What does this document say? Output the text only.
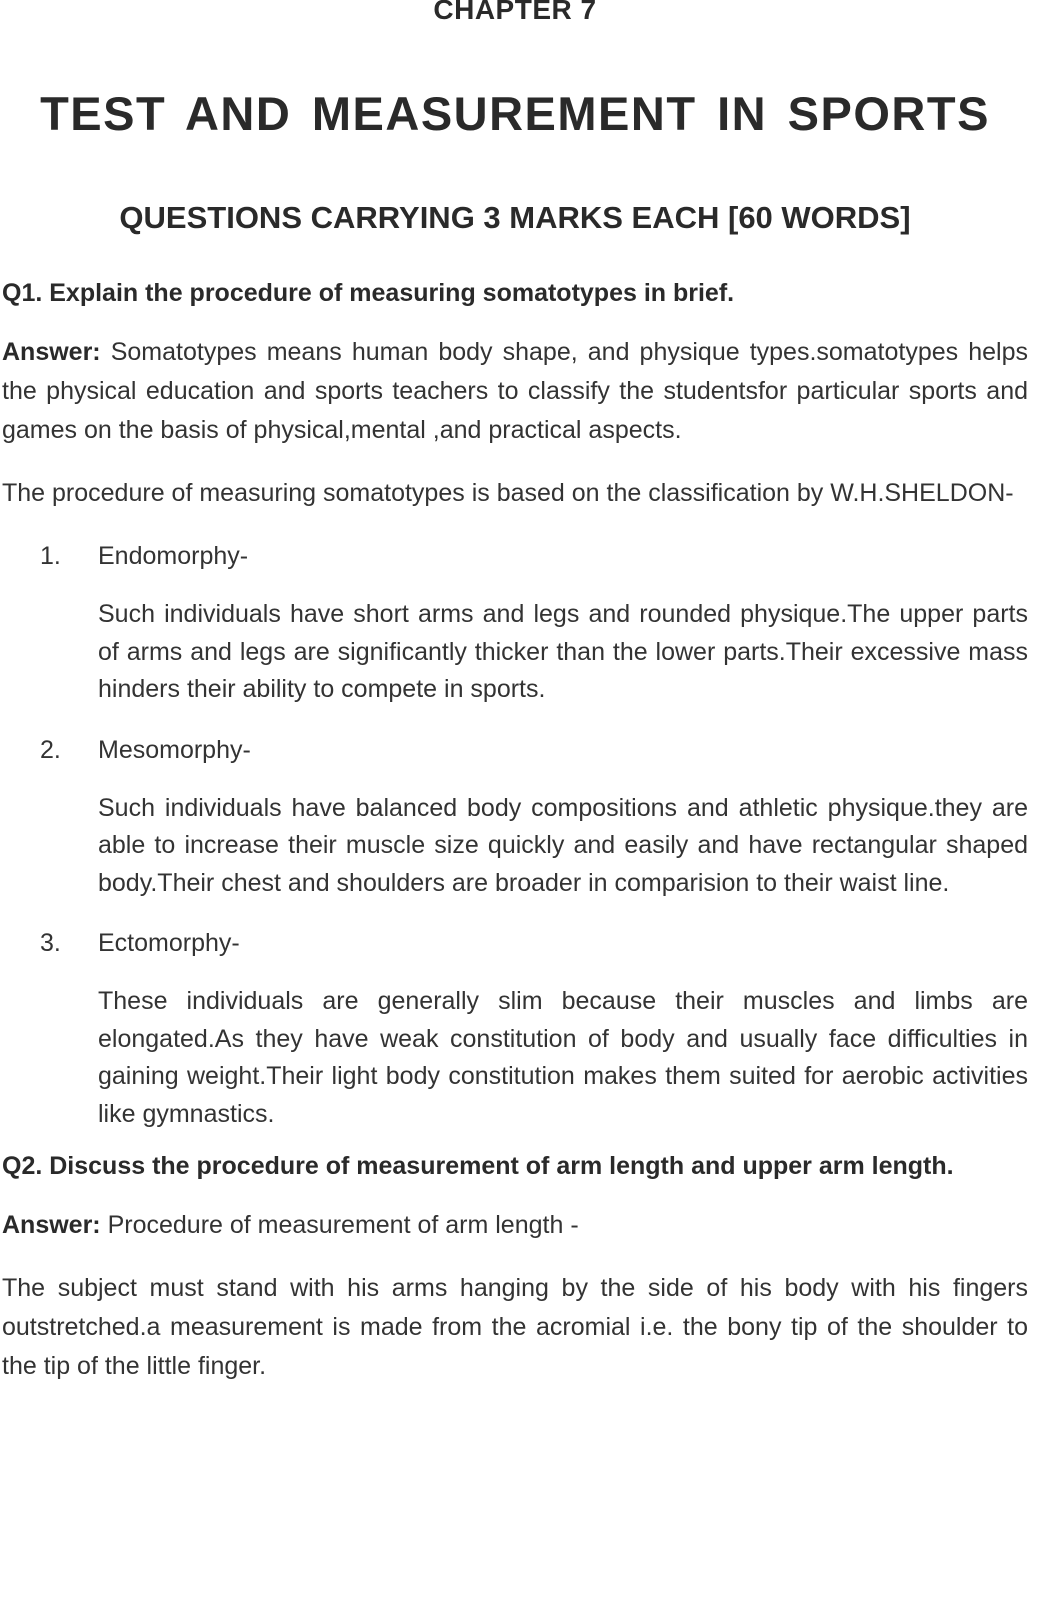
CHAPTER 7
TEST AND MEASUREMENT IN SPORTS
QUESTIONS CARRYING 3 MARKS EACH [60 WORDS]
Q1. Explain the procedure of measuring somatotypes in brief.

Answer: Somatotypes means human body shape, and physique types.somatotypes helps the physical education and sports teachers to classify the studentsfor particular sports and games on the basis of physical,mental ,and practical aspects.

The procedure of measuring somatotypes is based on the classification by W.H.SHELDON-

1.	Endomorphy-
Such individuals have short arms and legs and rounded physique.The upper parts of arms and legs are significantly thicker than the lower parts.Their excessive mass hinders their ability to compete in sports.
2.	Mesomorphy-
Such individuals have balanced body compositions and athletic physique.they are able to increase their muscle size quickly and easily and have rectangular shaped body.Their chest and shoulders are broader in comparision to their waist line.
3.	Ectomorphy-
These individuals are generally slim because their muscles and limbs are elongated.As they have weak constitution of body and usually face difficulties in gaining weight.Their light body constitution makes them suited for aerobic activities like gymnastics.
Q2. Discuss the procedure of measurement of arm length and upper arm length.

Answer: Procedure of measurement of arm length -

The subject must stand with his arms hanging by the side of his body with his fingers outstretched.a measurement is made from the acromial i.e. the bony tip of the shoulder to the tip of the little finger.
